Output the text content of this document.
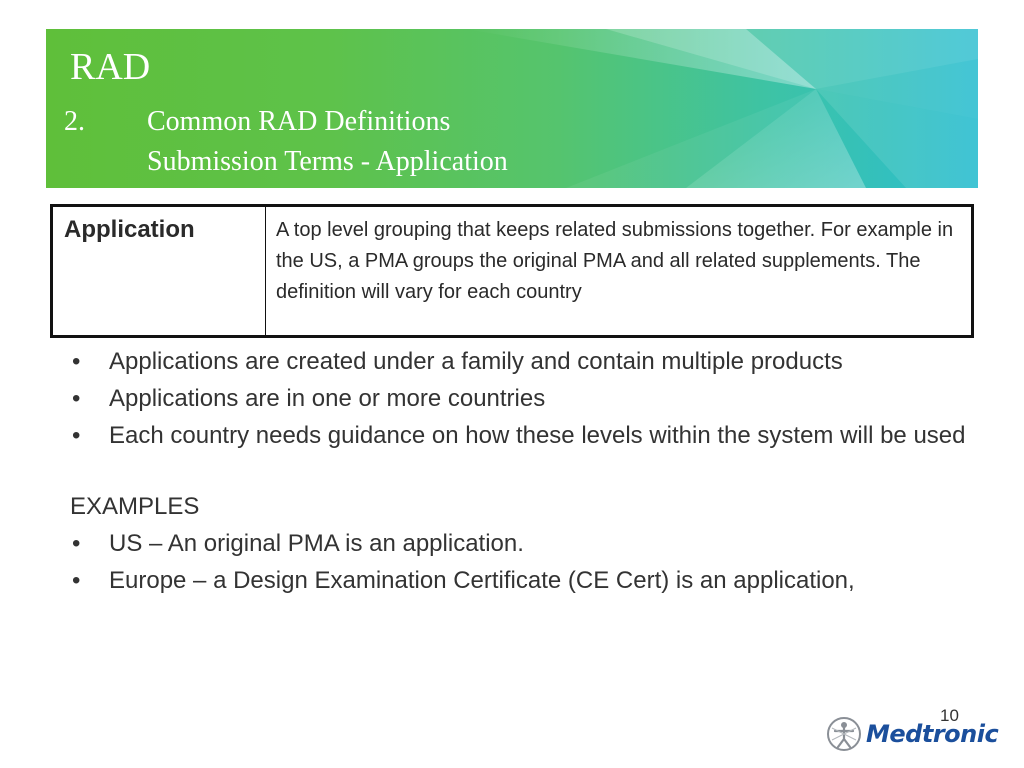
RAD
2. Common RAD Definitions
Submission Terms - Application
Application	A top level grouping that keeps related submissions together. For example in the US, a PMA groups the original PMA and all related supplements. The definition will vary for each country
• Applications are created under a family and contain multiple products
• Applications are in one or more countries
• Each country needs guidance on how these levels within the system will be used
EXAMPLES
• US – An original PMA is an application.
• Europe – a Design Examination Certificate (CE Cert) is an application,
10
Medtronic
